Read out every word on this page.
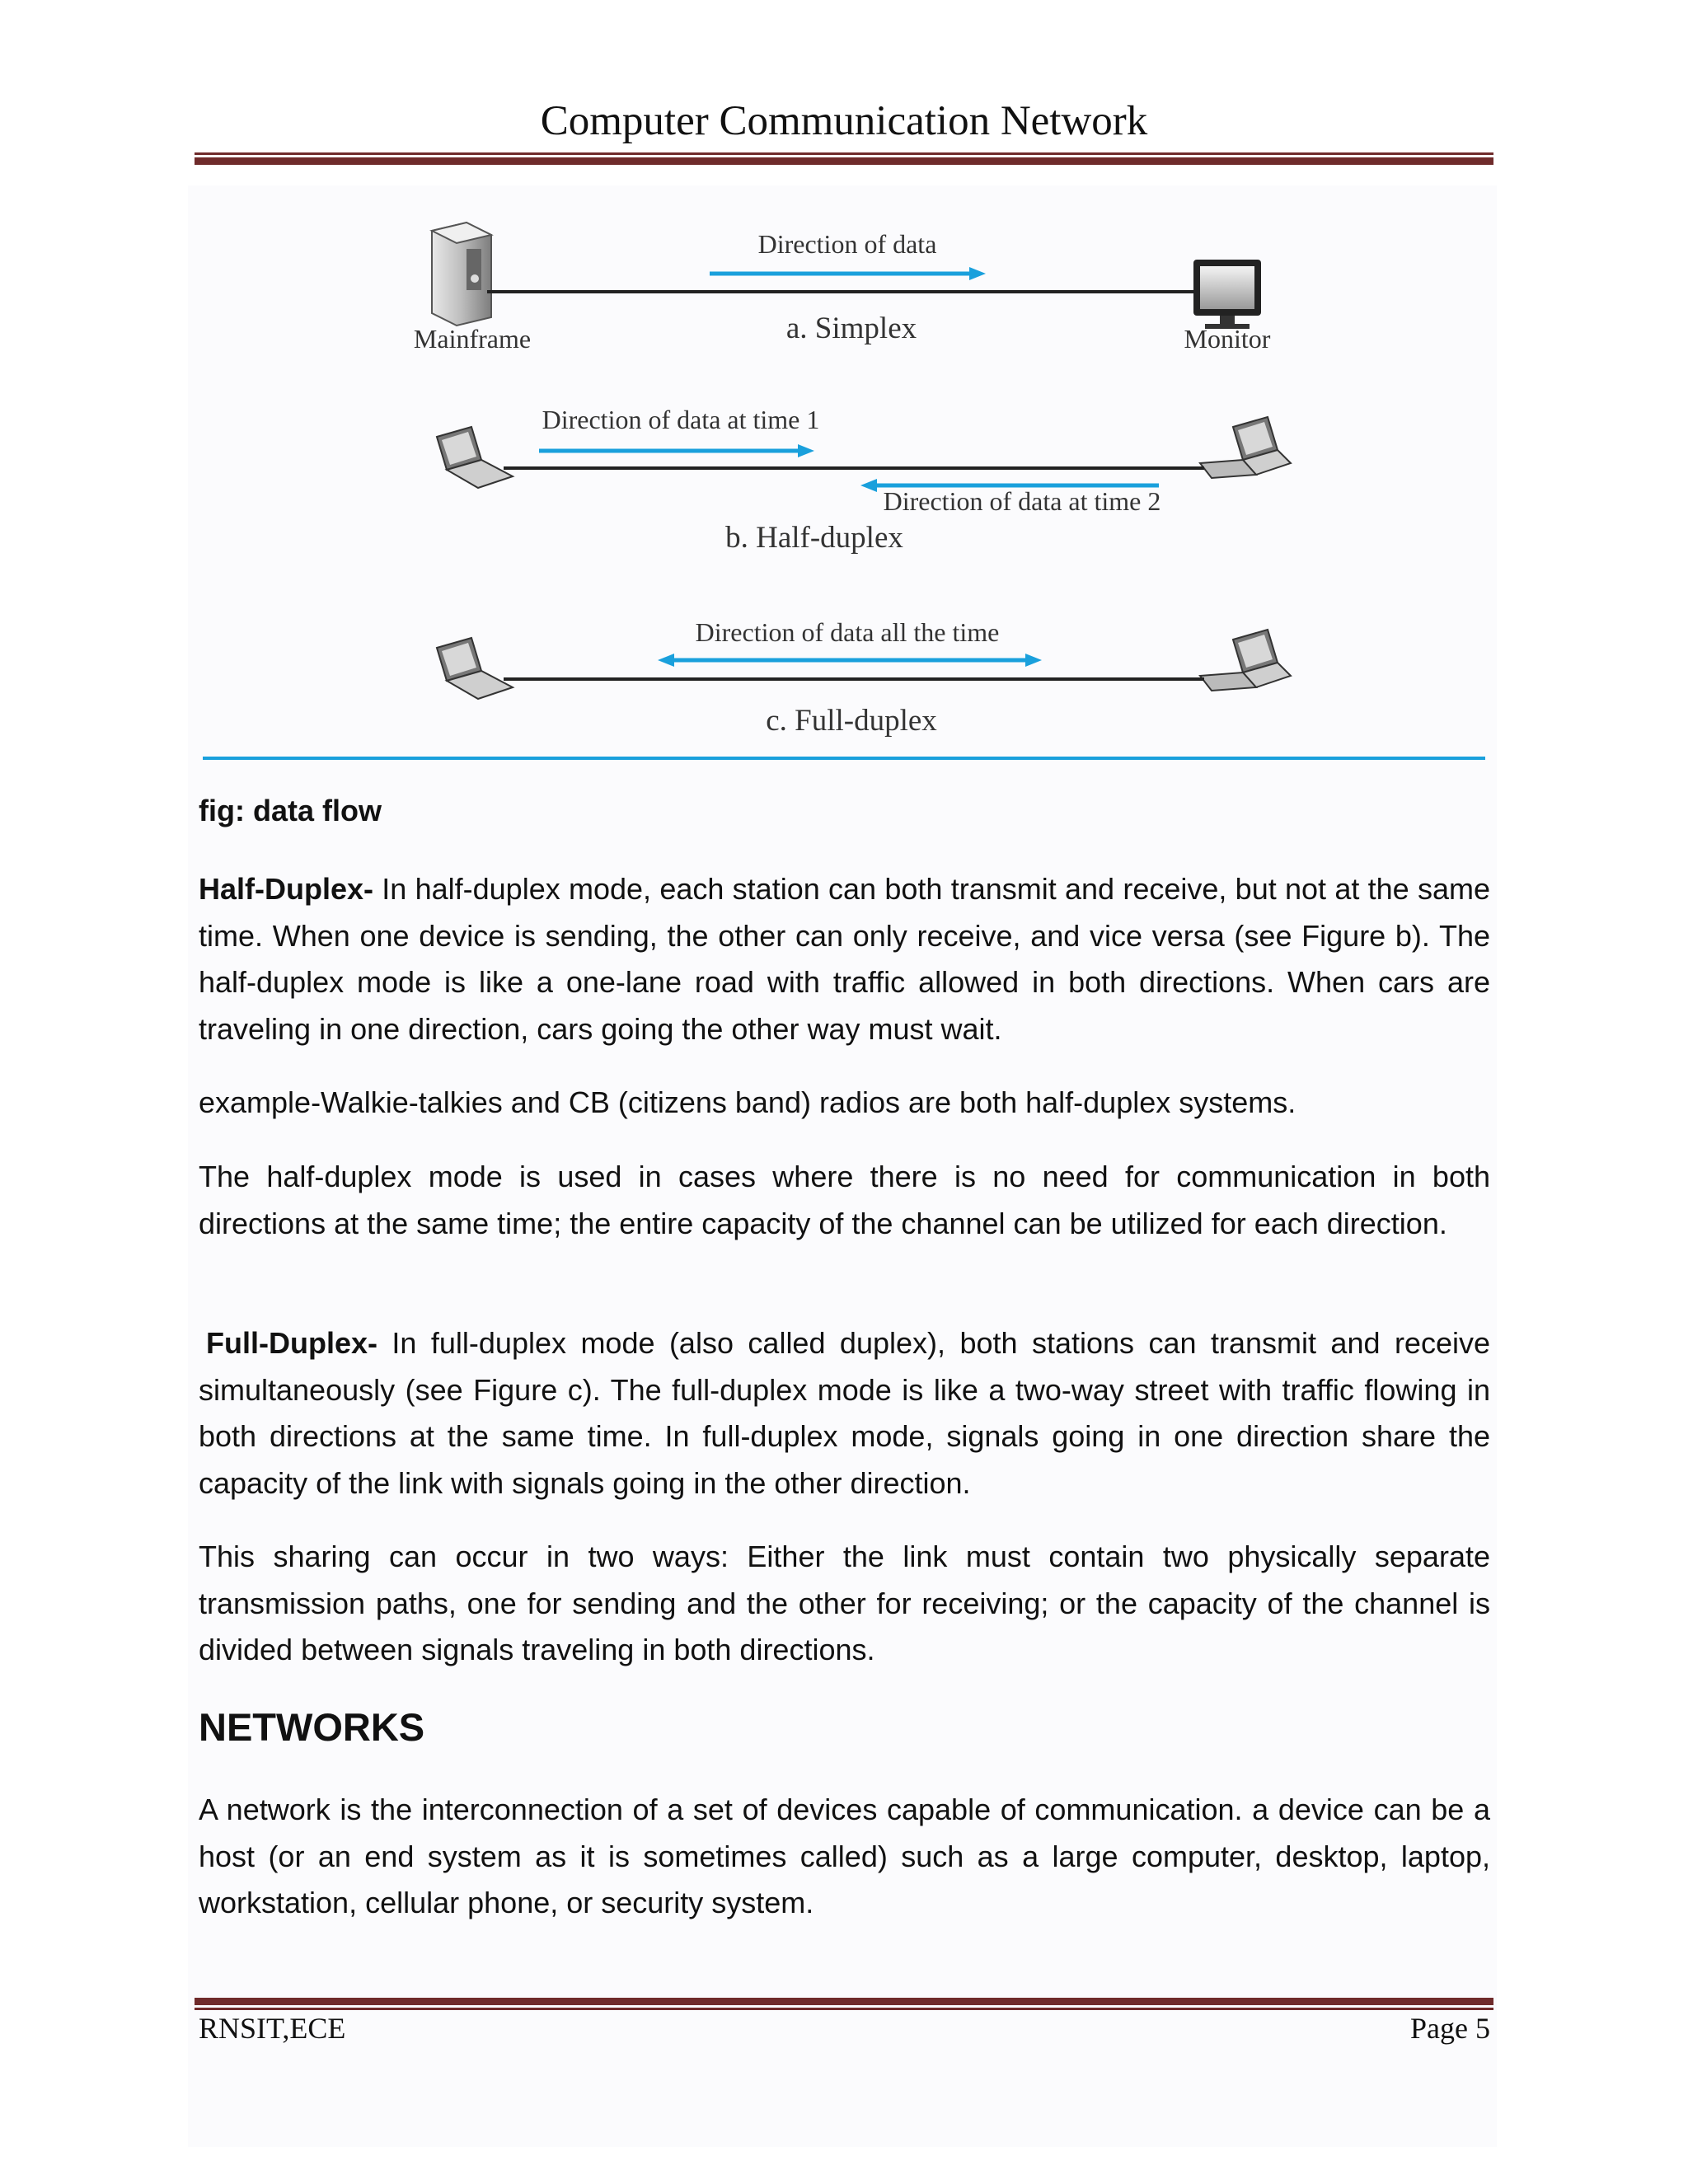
Computer Communication Network
Direction of data
Mainframe	Monitor
a. Simplex
Direction of data at time 1
Direction of data at time 2
b. Half-duplex
Direction of data all the time
c. Full-duplex
fig: data flow

Half-Duplex- In half-duplex mode, each station can both transmit and receive, but not at the same time. When one device is sending, the other can only receive, and vice versa (see Figure b). The half-duplex mode is like a one-lane road with traffic allowed in both directions. When cars are traveling in one direction, cars going the other way must wait.

example-Walkie-talkies and CB (citizens band) radios are both half-duplex systems.

The half-duplex mode is used in cases where there is no need for communication in both directions at the same time; the entire capacity of the channel can be utilized for each direction.

Full-Duplex- In full-duplex mode (also called duplex), both stations can transmit and receive simultaneously (see Figure c). The full-duplex mode is like a two-way street with traffic flowing in both directions at the same time. In full-duplex mode, signals going in one direction share the capacity of the link with signals going in the other direction.

This sharing can occur in two ways: Either the link must contain two physically separate transmission paths, one for sending and the other for receiving; or the capacity of the channel is divided between signals traveling in both directions.

NETWORKS

A network is the interconnection of a set of devices capable of communication. a device can be a host (or an end system as it is sometimes called) such as a large computer, desktop, laptop, workstation, cellular phone, or security system.

RNSIT,ECE	Page 5
